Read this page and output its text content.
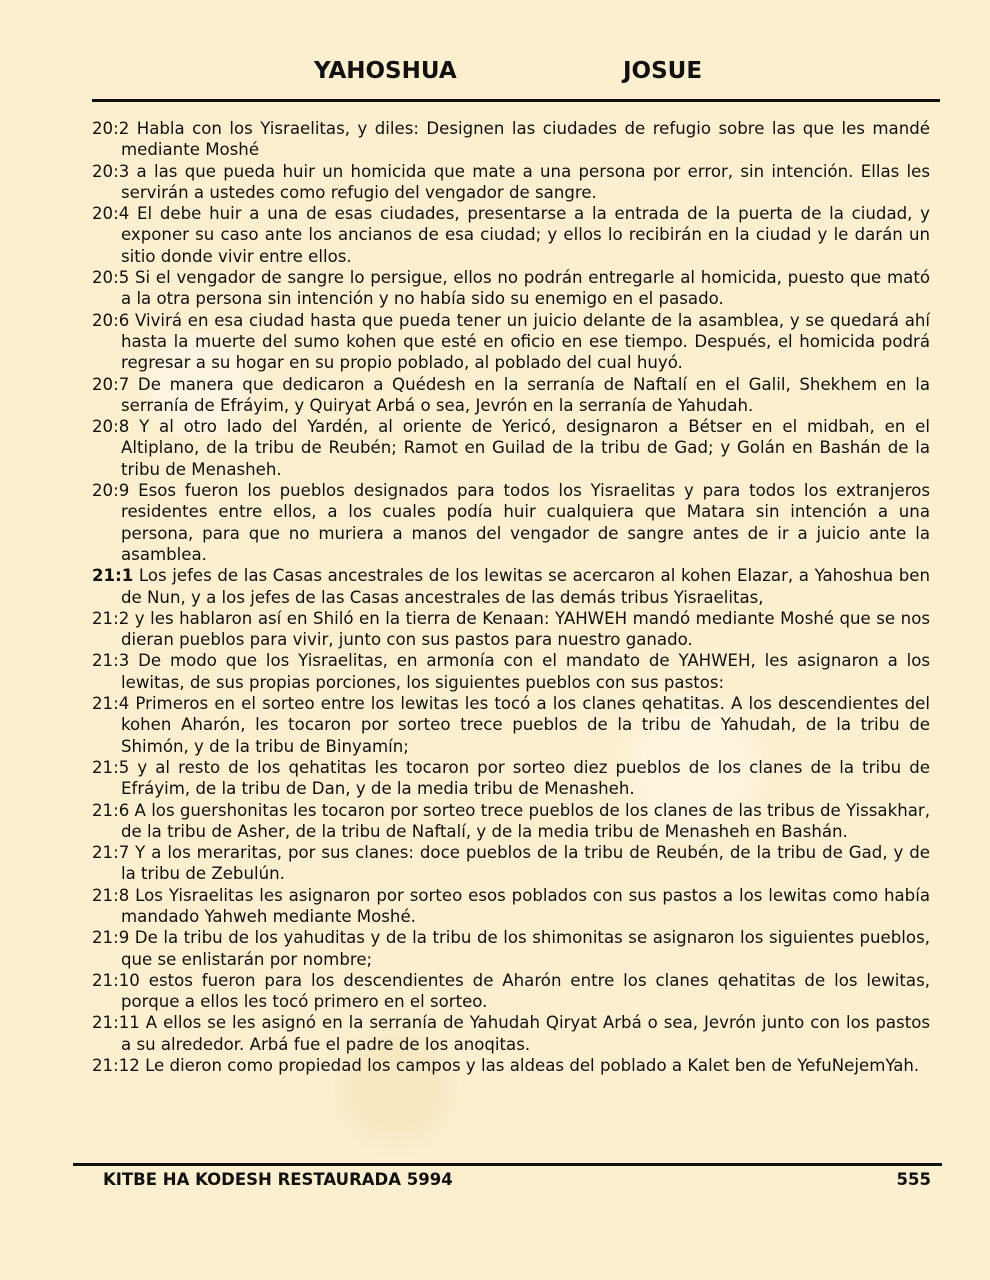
YAHOSHUA	JOSUE

20:2 Habla con los Yisraelitas, y diles: Designen las ciudades de refugio sobre las que les mandé mediante Moshé

20:3 a las que pueda huir un homicida que mate a una persona por error, sin intención. Ellas les servirán a ustedes como refugio del vengador de sangre.

20:4 El debe huir a una de esas ciudades, presentarse a la entrada de la puerta de la ciudad, y exponer su caso ante los ancianos de esa ciudad; y ellos lo recibirán en la ciudad y le darán un sitio donde vivir entre ellos.

20:5 Si el vengador de sangre lo persigue, ellos no podrán entregarle al homicida, puesto que mató a la otra persona sin intención y no había sido su enemigo en el pasado.

20:6 Vivirá en esa ciudad hasta que pueda tener un juicio delante de la asamblea, y se quedará ahí hasta la muerte del sumo kohen que esté en oficio en ese tiempo. Después, el homicida podrá regresar a su hogar en su propio poblado, al poblado del cual huyó.

20:7 De manera que dedicaron a Quédesh en la serranía de Naftalí en el Galil, Shekhem en la serranía de Efráyim, y Quiryat Arbá o sea, Jevrón en la serranía de Yahudah.

20:8 Y al otro lado del Yardén, al oriente de Yericó, designaron a Bétser en el midbah, en el Altiplano, de la tribu de Reubén; Ramot en Guilad de la tribu de Gad; y Golán en Bashán de la tribu de Menasheh.

20:9 Esos fueron los pueblos designados para todos los Yisraelitas y para todos los extranjeros residentes entre ellos, a los cuales podía huir cualquiera que Matara sin intención a una persona, para que no muriera a manos del vengador de sangre antes de ir a juicio ante la asamblea.

21:1 Los jefes de las Casas ancestrales de los lewitas se acercaron al kohen Elazar, a Yahoshua ben de Nun, y a los jefes de las Casas ancestrales de las demás tribus Yisraelitas,

21:2 y les hablaron así en Shiló en la tierra de Kenaan: YAHWEH mandó mediante Moshé que se nos dieran pueblos para vivir, junto con sus pastos para nuestro ganado.

21:3 De modo que los Yisraelitas, en armonía con el mandato de YAHWEH, les asignaron a los lewitas, de sus propias porciones, los siguientes pueblos con sus pastos:

21:4 Primeros en el sorteo entre los lewitas les tocó a los clanes qehatitas. A los descendientes del kohen Aharón, les tocaron por sorteo trece pueblos de la tribu de Yahudah, de la tribu de Shimón, y de la tribu de Binyamín;

21:5 y al resto de los qehatitas les tocaron por sorteo diez pueblos de los clanes de la tribu de Efráyim, de la tribu de Dan, y de la media tribu de Menasheh.

21:6 A los guershonitas les tocaron por sorteo trece pueblos de los clanes de las tribus de Yissakhar, de la tribu de Asher, de la tribu de Naftalí, y de la media tribu de Menasheh en Bashán.

21:7 Y a los meraritas, por sus clanes: doce pueblos de la tribu de Reubén, de la tribu de Gad, y de la tribu de Zebulún.

21:8 Los Yisraelitas les asignaron por sorteo esos poblados con sus pastos a los lewitas como había mandado Yahweh mediante Moshé.

21:9 De la tribu de los yahuditas y de la tribu de los shimonitas se asignaron los siguientes pueblos, que se enlistarán por nombre;

21:10 estos fueron para los descendientes de Aharón entre los clanes qehatitas de los lewitas, porque a ellos les tocó primero en el sorteo.

21:11 A ellos se les asignó en la serranía de Yahudah Qiryat Arbá o sea, Jevrón junto con los pastos a su alrededor. Arbá fue el padre de los anoqitas.

21:12 Le dieron como propiedad los campos y las aldeas del poblado a Kalet ben de YefuNejemYah.

KITBE HA KODESH RESTAURADA 5994	555
